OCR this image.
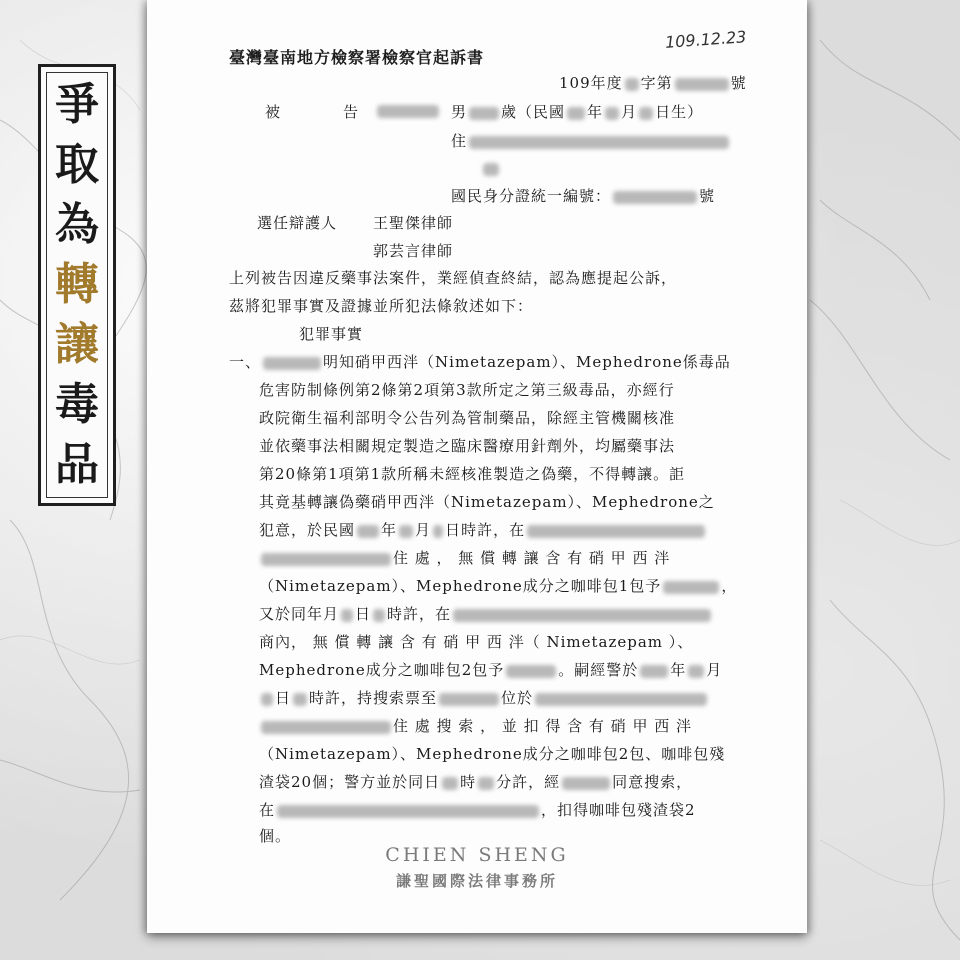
爭
取
為
轉
讓
毒
品
109.12.23
臺灣臺南地方檢察署檢察官起訴書
109年度 字第	號
被	告	男 歲（民國 年 月 日生）
住
國民身分證統一編號：	號
選任辯護人 王聖傑律師
郭芸言律師
上列被告因違反藥事法案件，業經偵查終結，認為應提起公訴，
茲將犯罪事實及證據並所犯法條敘述如下：
犯罪事實
一、	明知硝甲西泮（Nimetazepam）、Mephedrone係毒品
危害防制條例第2條第2項第3款所定之第三級毒品，亦經行
政院衛生福利部明令公告列為管制藥品，除經主管機關核准
並依藥事法相關規定製造之臨床醫療用針劑外，均屬藥事法
第20條第1項第1款所稱未經核准製造之偽藥，不得轉讓。詎
其竟基轉讓偽藥硝甲西泮（Nimetazepam）、Mephedrone之
犯意，於民國 年 月 日時許，在
住 處 ， 無 償 轉 讓 含 有 硝 甲 西 泮
（Nimetazepam）、Mephedrone成分之咖啡包1包予	，
又於同年月 日 時許，在
商內， 無 償 轉 讓 含 有 硝 甲 西 泮（ Nimetazepam ）、
Mephedrone成分之咖啡包2包予	。嗣經警於 年 月
日 時許，持搜索票至	位於
住 處 搜 索 ， 並 扣 得 含 有 硝 甲 西 泮
（Nimetazepam）、Mephedrone成分之咖啡包2包、咖啡包殘
渣袋20個；警方並於同日 時 分許，經	同意搜索，
在	，扣得咖啡包殘渣袋2
個。
CHIEN SHENG
謙聖國際法律事務所
